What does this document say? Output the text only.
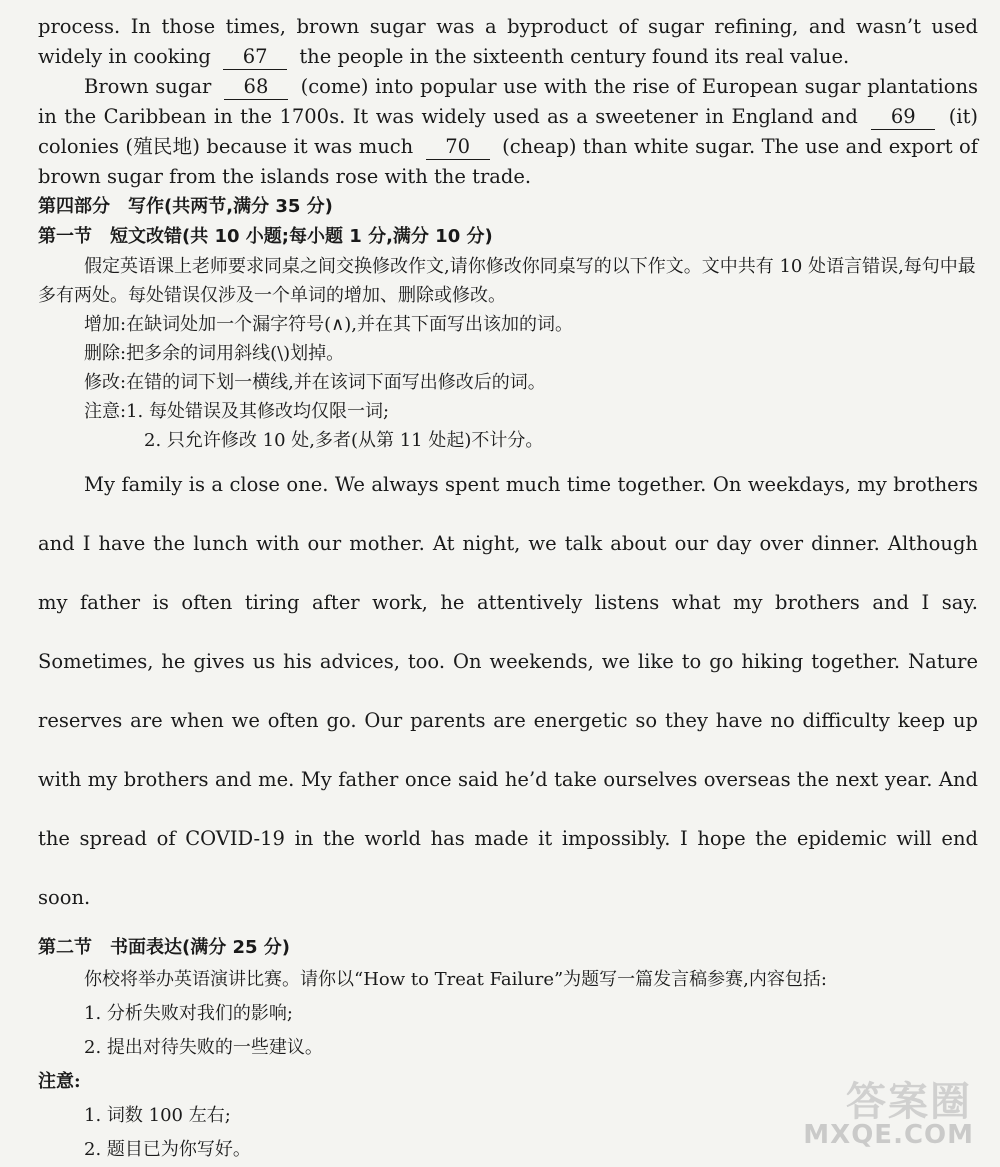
process. In those times, brown sugar was a byproduct of sugar refining, and wasn’t used widely in cooking 67 the people in the sixteenth century found its real value.

Brown sugar 68 (come) into popular use with the rise of European sugar plantations in the Caribbean in the 1700s. It was widely used as a sweetener in England and 69 (it) colonies (殖民地) because it was much 70 (cheap) than white sugar. The use and export of brown sugar from the islands rose with the trade.

第四部分　写作(共两节,满分 35 分)

第一节　短文改错(共 10 小题;每小题 1 分,满分 10 分)

假定英语课上老师要求同桌之间交换修改作文,请你修改你同桌写的以下作文。文中共有 10 处语言错误,每句中最多有两处。每处错误仅涉及一个单词的增加、删除或修改。

增加:在缺词处加一个漏字符号(∧),并在其下面写出该加的词。

删除:把多余的词用斜线(\)划掉。

修改:在错的词下划一横线,并在该词下面写出修改后的词。

注意:1. 每处错误及其修改均仅限一词;

2. 只允许修改 10 处,多者(从第 11 处起)不计分。

My family is a close one. We always spent much time together. On weekdays, my brothers and I have the lunch with our mother. At night, we talk about our day over dinner. Although my father is often tiring after work, he attentively listens what my brothers and I say. Sometimes, he gives us his advices, too. On weekends, we like to go hiking together. Nature reserves are when we often go. Our parents are energetic so they have no difficulty keep up with my brothers and me. My father once said he’d take ourselves overseas the next year. And the spread of COVID-19 in the world has made it impossibly. I hope the epidemic will end soon.

第二节　书面表达(满分 25 分)

你校将举办英语演讲比赛。请你以“How to Treat Failure”为题写一篇发言稿参赛,内容包括:

1. 分析失败对我们的影响;

2. 提出对待失败的一些建议。

注意:

1. 词数 100 左右;

2. 题目已为你写好。

答案圈
MXQE.COM
